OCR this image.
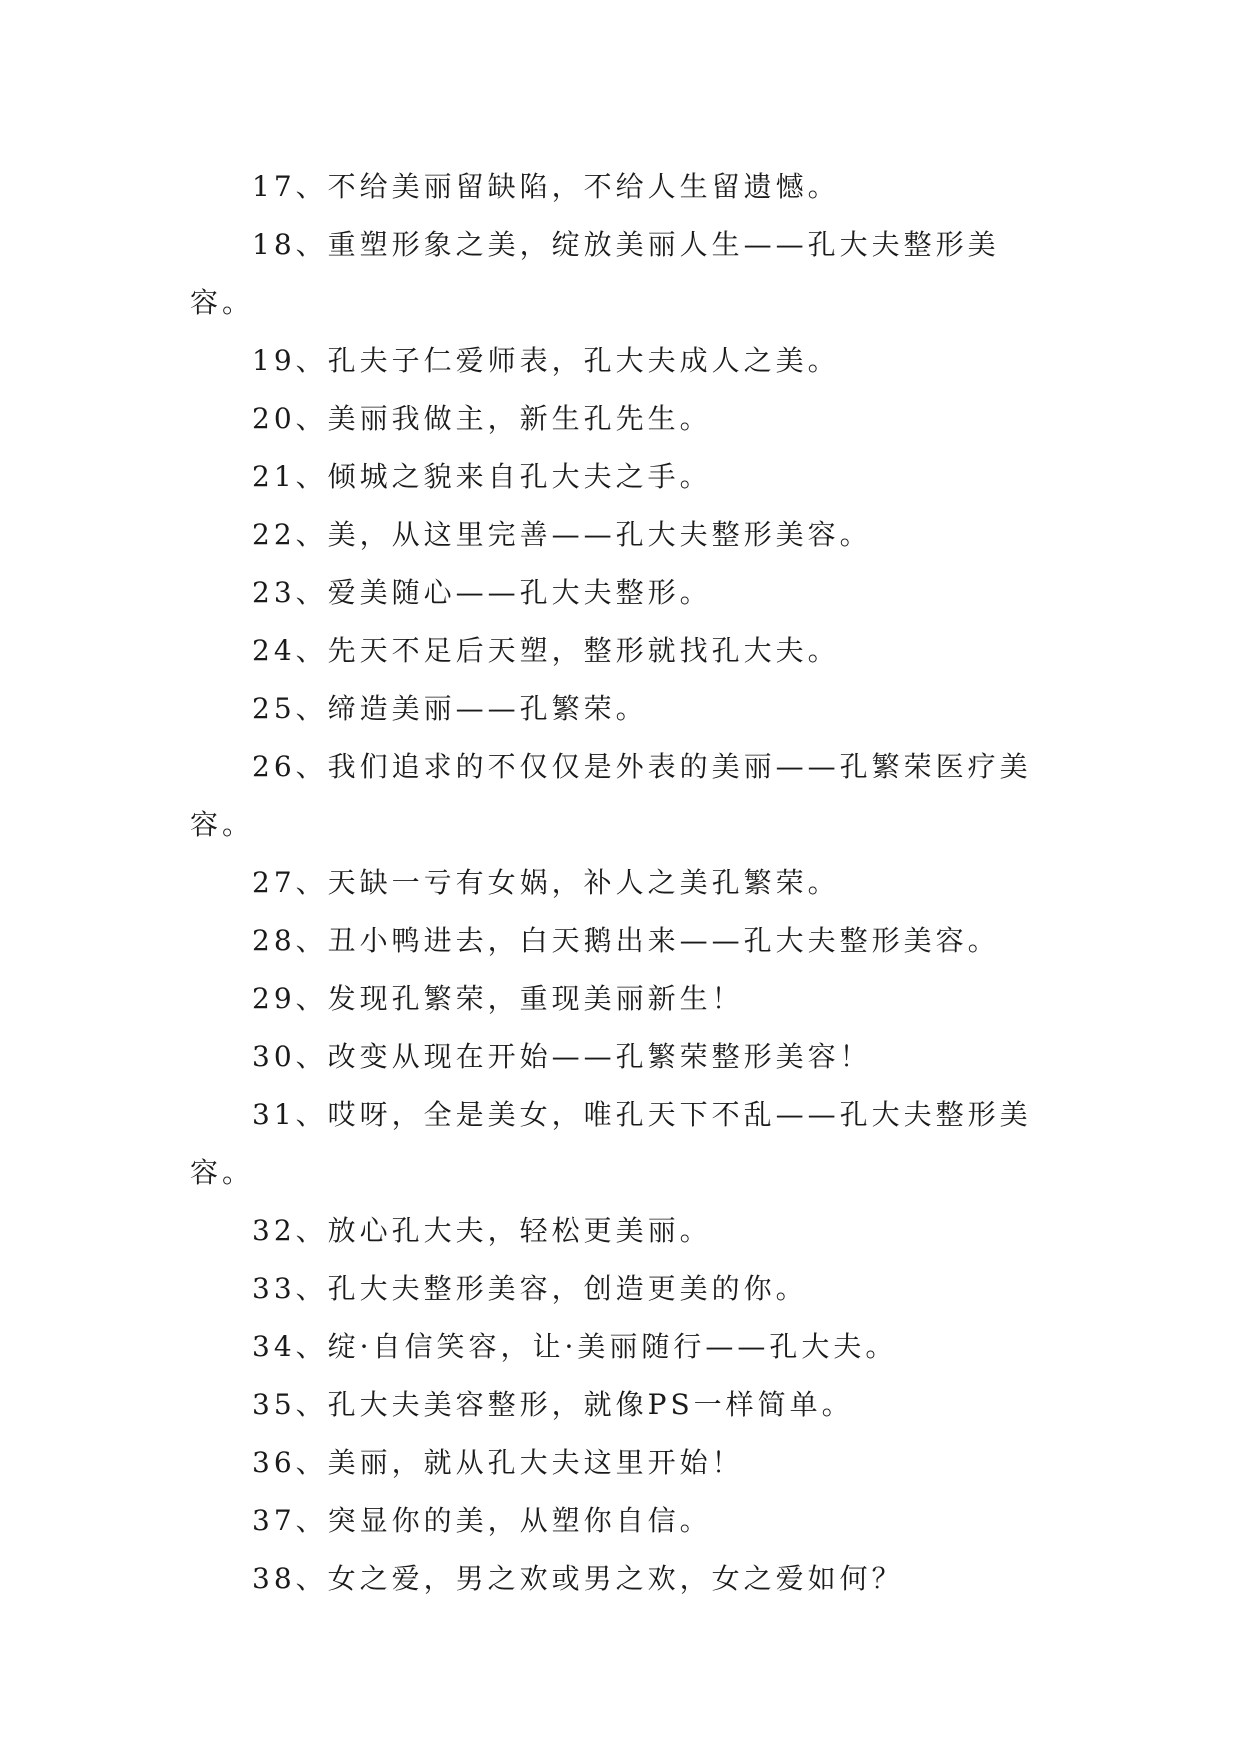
17、不给美丽留缺陷，不给人生留遗憾。

18、重塑形象之美，绽放美丽人生——孔大夫整形美容。

19、孔夫子仁爱师表，孔大夫成人之美。

20、美丽我做主，新生孔先生。

21、倾城之貌来自孔大夫之手。

22、美，从这里完善——孔大夫整形美容。

23、爱美随心——孔大夫整形。

24、先天不足后天塑，整形就找孔大夫。

25、缔造美丽——孔繁荣。

26、我们追求的不仅仅是外表的美丽——孔繁荣医疗美容。

27、天缺一亏有女娲，补人之美孔繁荣。

28、丑小鸭进去，白天鹅出来——孔大夫整形美容。

29、发现孔繁荣，重现美丽新生！

30、改变从现在开始——孔繁荣整形美容！

31、哎呀，全是美女，唯孔天下不乱——孔大夫整形美容。

32、放心孔大夫，轻松更美丽。

33、孔大夫整形美容，创造更美的你。

34、绽·自信笑容，让·美丽随行——孔大夫。

35、孔大夫美容整形，就像PS一样简单。

36、美丽，就从孔大夫这里开始！

37、突显你的美，从塑你自信。

38、女之爱，男之欢或男之欢，女之爱如何？
